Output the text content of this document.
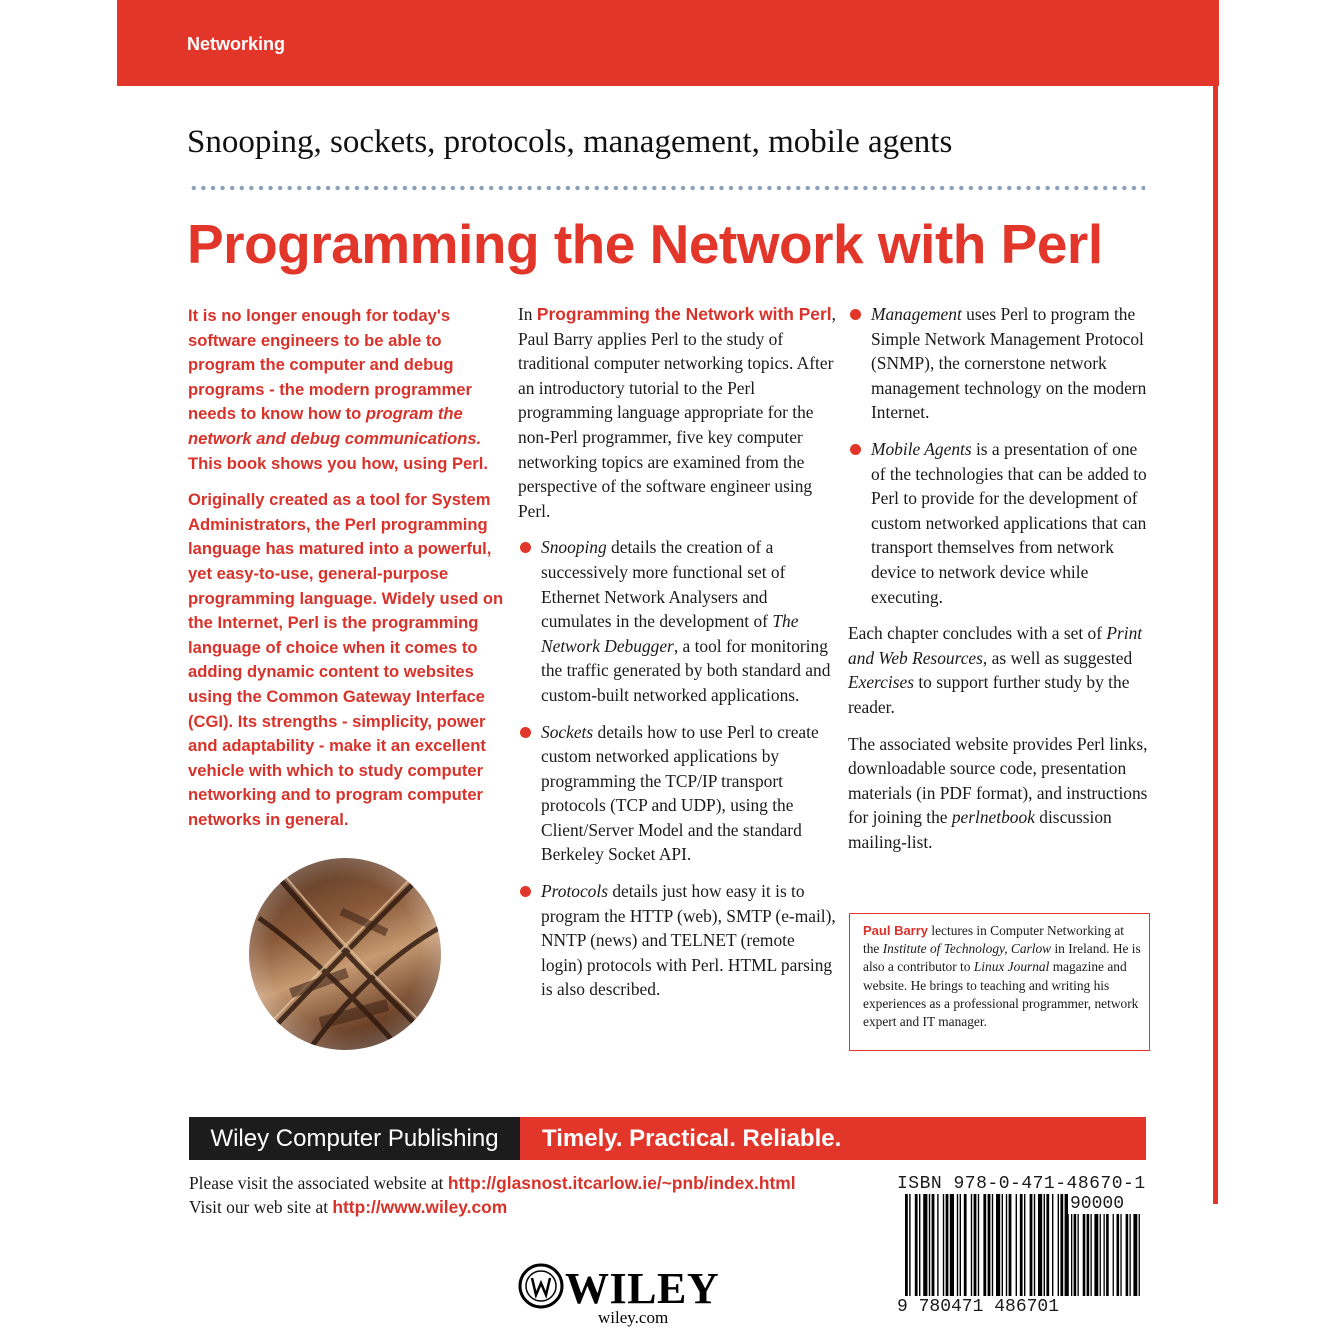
Networking
Snooping, sockets, protocols, management, mobile agents
Programming the Network with Perl

It is no longer enough for today's software engineers to be able to program the computer and debug programs - the modern programmer needs to know how to program the network and debug communications. This book shows you how, using Perl.

Originally created as a tool for System Administrators, the Perl programming language has matured into a powerful, yet easy-to-use, general-purpose programming language. Widely used on the Internet, Perl is the programming language of choice when it comes to adding dynamic content to websites using the Common Gateway Interface (CGI). Its strengths - simplicity, power and adaptability - make it an excellent vehicle with which to study computer networking and to program computer networks in general.

In Programming the Network with Perl, Paul Barry applies Perl to the study of traditional computer networking topics. After an introductory tutorial to the Perl programming language appropriate for the non-Perl programmer, five key computer networking topics are examined from the perspective of the software engineer using Perl.

Snooping details the creation of a successively more functional set of Ethernet Network Analysers and cumulates in the development of The Network Debugger, a tool for monitoring the traffic generated by both standard and custom-built networked applications.
Sockets details how to use Perl to create custom networked applications by programming the TCP/IP transport protocols (TCP and UDP), using the Client/Server Model and the standard Berkeley Socket API.
Protocols details just how easy it is to program the HTTP (web), SMTP (e-mail), NNTP (news) and TELNET (remote login) protocols with Perl. HTML parsing is also described.
Management uses Perl to program the Simple Network Management Protocol (SNMP), the cornerstone network management technology on the modern Internet.
Mobile Agents is a presentation of one of the technologies that can be added to Perl to provide for the development of custom networked applications that can transport themselves from network device to network device while executing.

Each chapter concludes with a set of Print and Web Resources, as well as suggested Exercises to support further study by the reader.

The associated website provides Perl links, downloadable source code, presentation materials (in PDF format), and instructions for joining the perlnetbook discussion mailing-list.

Paul Barry lectures in Computer Networking at the Institute of Technology, Carlow in Ireland. He is also a contributor to Linux Journal magazine and website. He brings to teaching and writing his experiences as a professional programmer, network expert and IT manager.
Wiley Computer Publishing	Timely. Practical. Reliable.
Please visit the associated website at http://glasnost.itcarlow.ie/~pnb/index.html
Visit our web site at http://www.wiley.com
ISBN 978-0-471-48670-1
90000
9 780471 486701
WILEY
wiley.com
